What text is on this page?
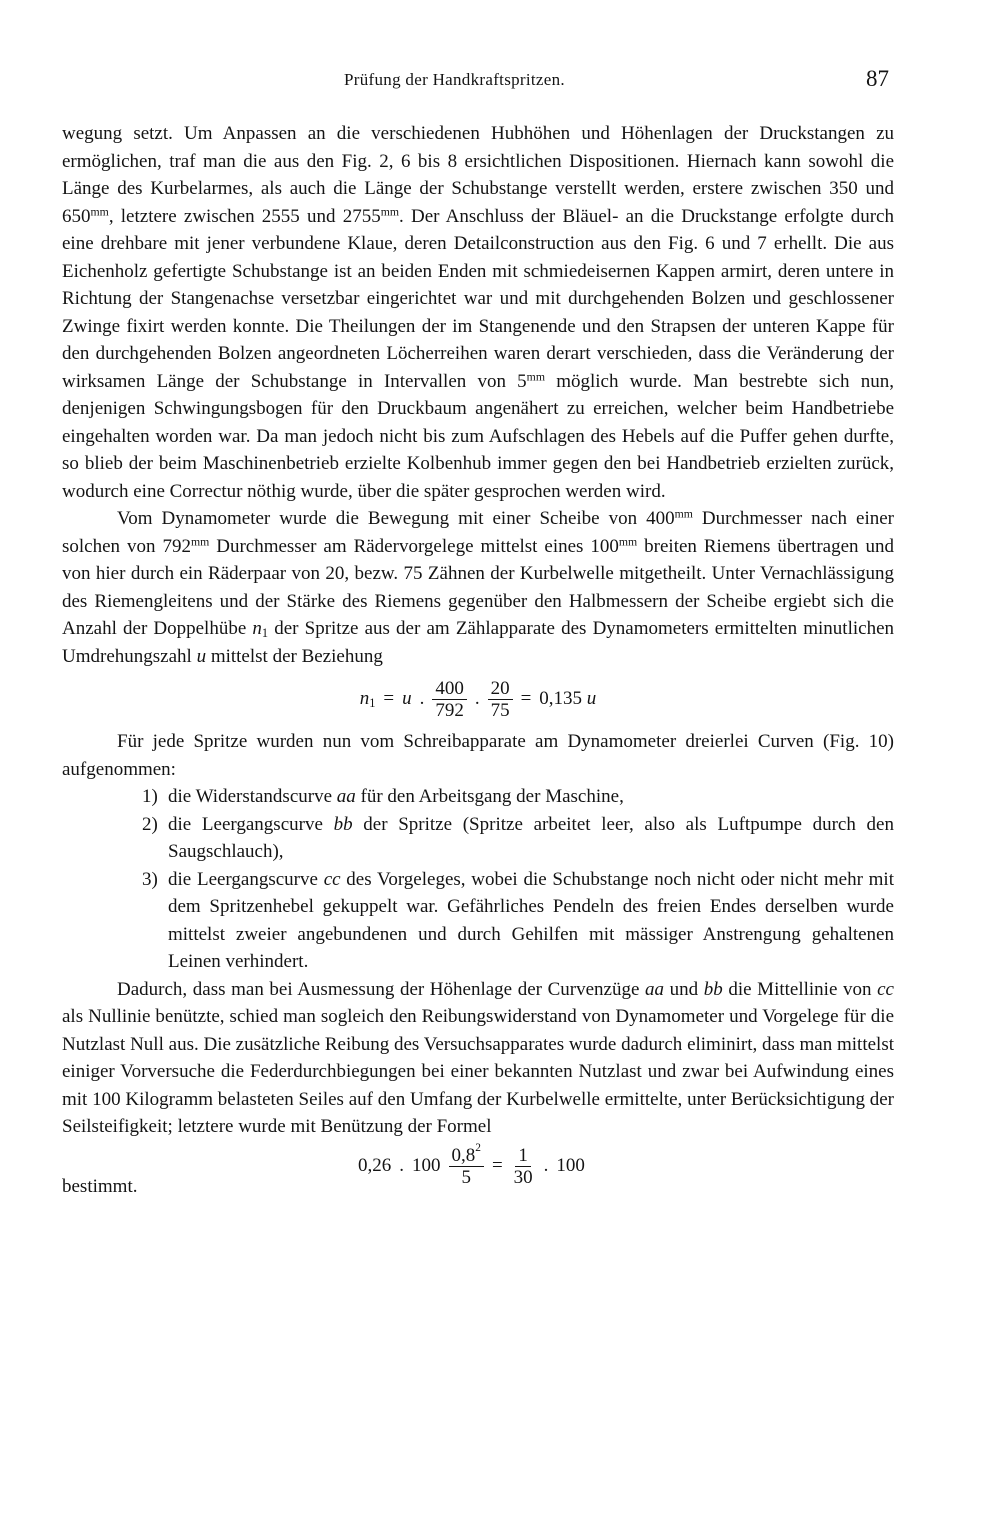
Prüfung der Handkraftspritzen.	87

wegung setzt. Um Anpassen an die verschiedenen Hubhöhen und Höhenlagen der Druckstangen zu ermöglichen, traf man die aus den Fig. 2, 6 bis 8 ersichtlichen Dispositionen. Hiernach kann sowohl die Länge des Kurbelarmes, als auch die Länge der Schubstange verstellt werden, erstere zwischen 350 und $650^{mm}$, letztere zwischen 2555 und $2755^{mm}$. Der Anschluss der Bläuel- an die Druckstange erfolgte durch eine drehbare mit jener verbundene Klaue, deren Detailconstruction aus den Fig. 6 und 7 erhellt. Die aus Eichenholz gefertigte Schubstange ist an beiden Enden mit schmiedeisernen Kappen armirt, deren untere in Richtung der Stangenachse versetzbar eingerichtet war und mit durchgehenden Bolzen und geschlossener Zwinge fixirt werden konnte. Die Theilungen der im Stangenende und den Strapsen der unteren Kappe für den durchgehenden Bolzen angeordneten Löcherreihen waren derart verschieden, dass die Veränderung der wirksamen Länge der Schubstange in Intervallen von $5^{mm}$ möglich wurde. Man bestrebte sich nun, denjenigen Schwingungsbogen für den Druckbaum angenähert zu erreichen, welcher beim Handbetriebe eingehalten worden war. Da man jedoch nicht bis zum Aufschlagen des Hebels auf die Puffer gehen durfte, so blieb der beim Maschinenbetrieb erzielte Kolbenhub immer gegen den bei Handbetrieb erzielten zurück, wodurch eine Correctur nöthig wurde, über die später gesprochen werden wird.

Vom Dynamometer wurde die Bewegung mit einer Scheibe von $400^{mm}$ Durchmesser nach einer solchen von $792^{mm}$ Durchmesser am Rädervorgelege mittelst eines $100^{mm}$ breiten Riemens übertragen und von hier durch ein Räderpaar von 20, bezw. 75 Zähnen der Kurbelwelle mitgetheilt. Unter Vernachlässigung des Riemengleitens und der Stärke des Riemens gegenüber den Halbmessern der Scheibe ergiebt sich die Anzahl der Doppelhübe $n_1$ der Spritze aus der am Zählapparate des Dynamometers ermittelten minutlichen Umdrehungszahl u mittelst der Beziehung

$n_1 = u$ . $\frac{400}{792}$ . $\frac{20}{75} = 0,135$ u

Für jede Spritze wurden nun vom Schreibapparate am Dynamometer dreierlei Curven (Fig. 10) aufgenommen:

1) die Widerstandscurve aa für den Arbeitsgang der Maschine,
2) die Leergangscurve bb der Spritze (Spritze arbeitet leer, also als Luftpumpe durch den Saugschlauch),
3) die Leergangscurve cc des Vorgeleges, wobei die Schubstange noch nicht oder nicht mehr mit dem Spritzenhebel gekuppelt war. Gefährliches Pendeln des freien Endes derselben wurde mittelst zweier angebundenen und durch Gehilfen mit mässiger Anstrengung gehaltenen Leinen verhindert.

Dadurch, dass man bei Ausmessung der Höhenlage der Curvenzüge aa und bb die Mittellinie von cc als Nullinie benützte, schied man sogleich den Reibungswiderstand von Dynamometer und Vorgelege für die Nutzlast Null aus. Die zusätzliche Reibung des Versuchsapparates wurde dadurch eliminirt, dass man mittelst einiger Vorversuche die Federdurchbiegungen bei einer bekannten Nutzlast und zwar bei Aufwindung eines mit 100 Kilogramm belasteten Seiles auf den Umfang der Kurbelwelle ermittelte, unter Berücksichtigung der Seilsteifigkeit; letztere wurde mit Benützung der Formel

bestimmt.
0,26 . $100 \frac{0,8^2}{5} = \frac{1}{30}$ . 100
